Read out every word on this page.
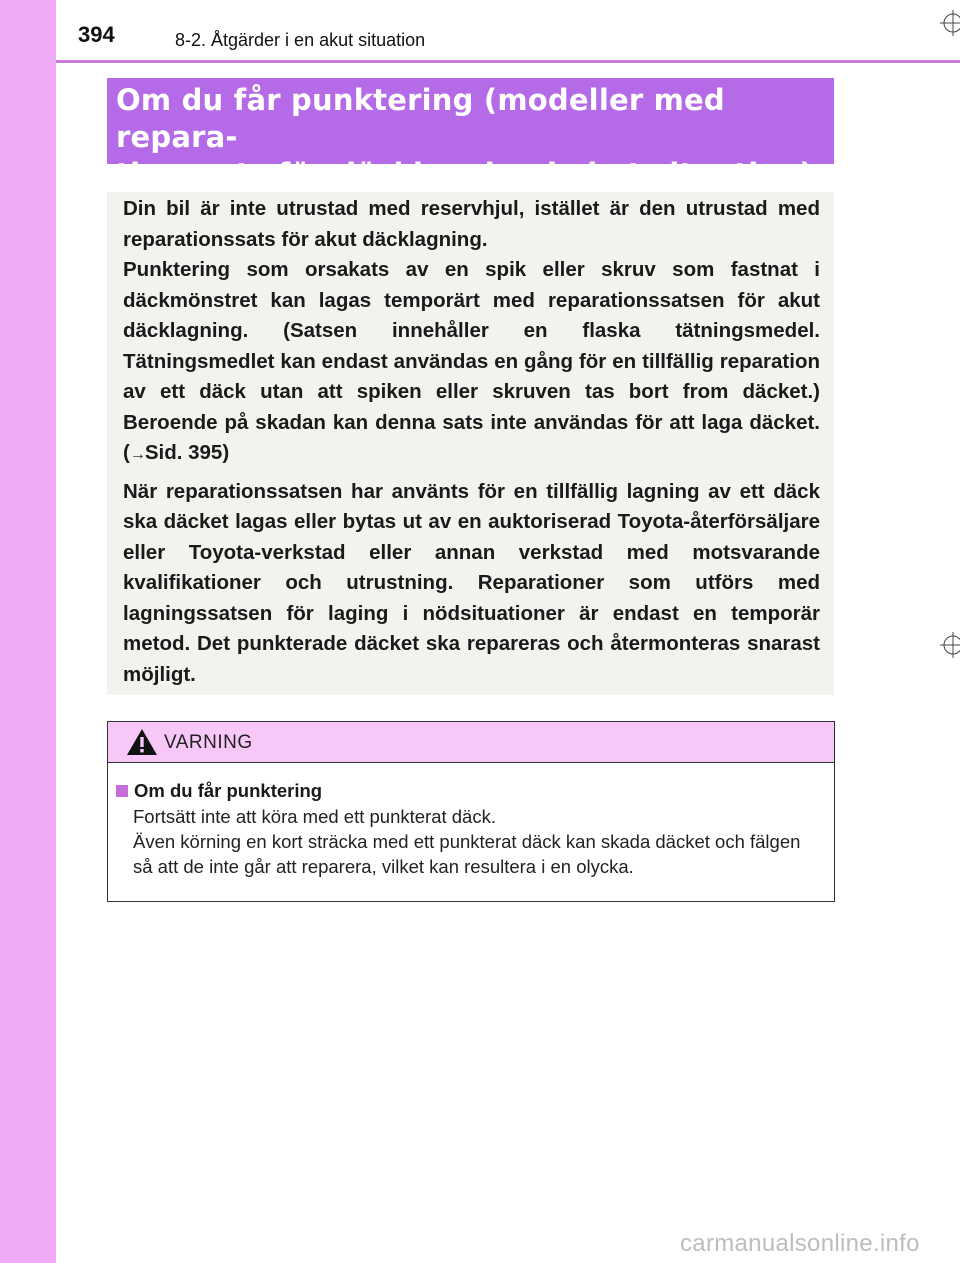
394	8-2. Åtgärder i en akut situation

Om du får punktering (modeller med repara-

tionssats för däcklagning i akut situation)

Din bil är inte utrustad med reservhjul, istället är den utrustad med reparationssats för akut däcklagning.

Punktering som orsakats av en spik eller skruv som fastnat i däckmönstret kan lagas temporärt med reparationssatsen för akut däcklagning. (Satsen innehåller en flaska tätningsmedel. Tätningsmedlet kan endast användas en gång för en tillfällig reparation av ett däck utan att spiken eller skruven tas bort from däcket.) Beroende på skadan kan denna sats inte användas för att laga däcket. (→Sid. 395)

När reparationssatsen har använts för en tillfällig lagning av ett däck ska däcket lagas eller bytas ut av en auktoriserad Toyota-återförsäljare eller Toyota-verkstad eller annan verkstad med motsvarande kvalifikationer och utrustning. Reparationer som utförs med lagningssatsen för laging i nödsituationer är endast en temporär metod. Det punkterade däcket ska repareras och återmonteras snarast möjligt.

VARNING
Om du får punktering

Fortsätt inte att köra med ett punkterat däck.

Även körning en kort sträcka med ett punkterat däck kan skada däcket och fälgen så att de inte går att reparera, vilket kan resultera i en olycka.

carmanualsonline.info
